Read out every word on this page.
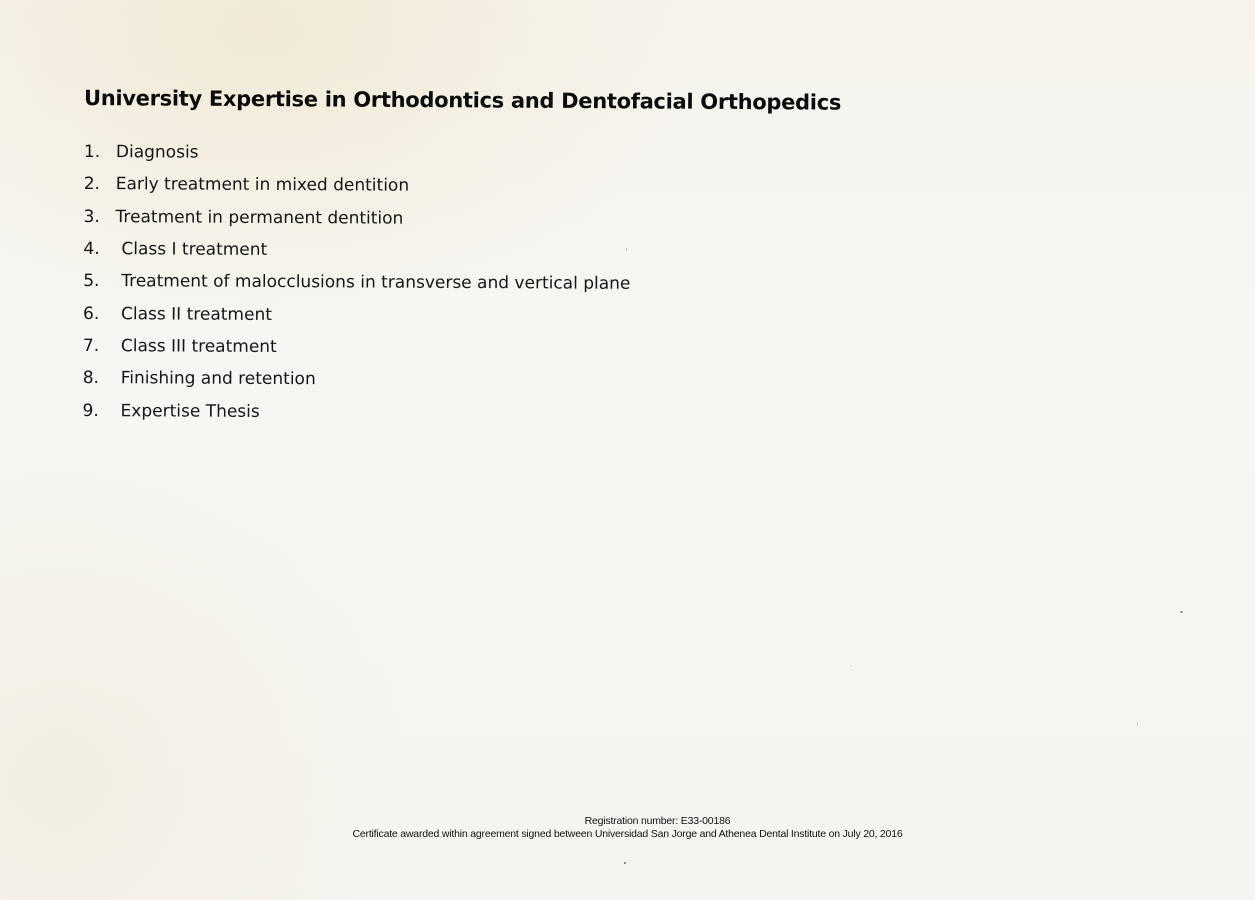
University Expertise in Orthodontics and Dentofacial Orthopedics
1. Diagnosis
2. Early treatment in mixed dentition
3. Treatment in permanent dentition
4.	Class I treatment
5.	Treatment of malocclusions in transverse and vertical plane
6.	Class II treatment
7.	Class III treatment
8.	Finishing and retention
9.	Expertise Thesis
Registration number: E33-00186
Certificate awarded within agreement signed between Universidad San Jorge and Athenea Dental Institute on July 20, 2016
